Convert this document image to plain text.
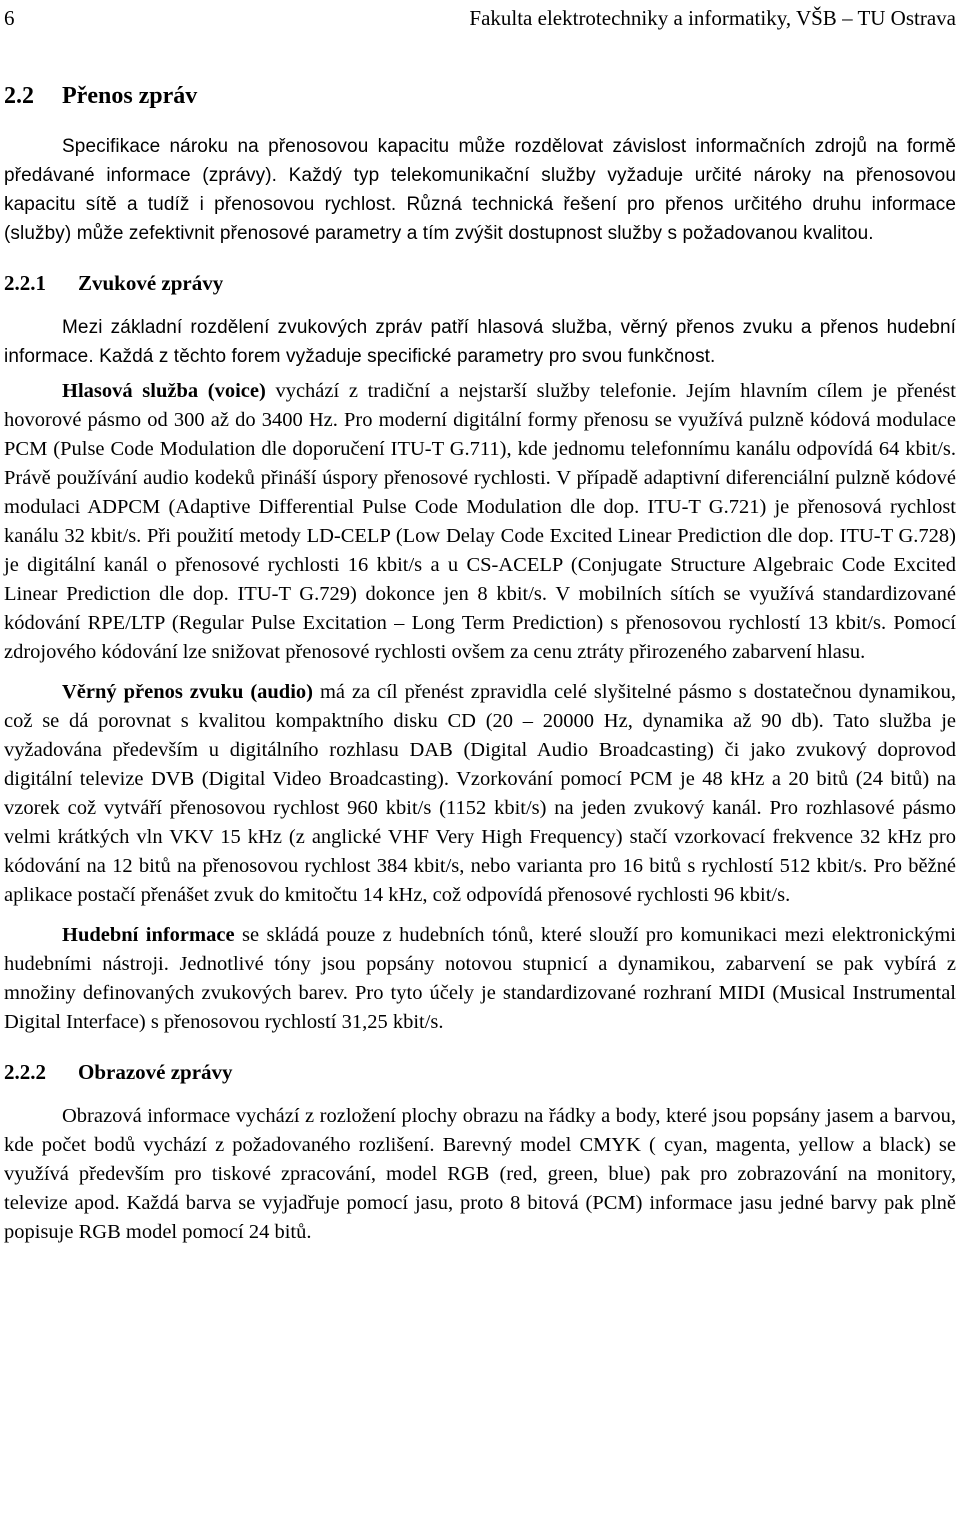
6	Fakulta elektrotechniky a informatiky, VŠB – TU Ostrava
2.2 Přenos zpráv

Specifikace nároku na přenosovou kapacitu může rozdělovat závislost informačních zdrojů na formě předávané informace (zprávy). Každý typ telekomunikační služby vyžaduje určité nároky na přenosovou kapacitu sítě a tudíž i přenosovou rychlost. Různá technická řešení pro přenos určitého druhu informace (služby) může zefektivnit přenosové parametry a tím zvýšit dostupnost služby s požadovanou kvalitou.

2.2.1 Zvukové zprávy

Mezi základní rozdělení zvukových zpráv patří hlasová služba, věrný přenos zvuku a přenos hudební informace. Každá z těchto forem vyžaduje specifické parametry pro svou funkčnost.

Hlasová služba (voice) vychází z tradiční a nejstarší služby telefonie. Jejím hlavním cílem je přenést hovorové pásmo od 300 až do 3400 Hz. Pro moderní digitální formy přenosu se využívá pulzně kódová modulace PCM (Pulse Code Modulation dle doporučení ITU-T G.711), kde jednomu telefonnímu kanálu odpovídá 64 kbit/s. Právě používání audio kodeků přináší úspory přenosové rychlosti. V případě adaptivní diferenciální pulzně kódové modulaci ADPCM (Adaptive Differential Pulse Code Modulation dle dop. ITU-T G.721) je přenosová rychlost kanálu 32 kbit/s. Při použití metody LD-CELP (Low Delay Code Excited Linear Prediction dle dop. ITU-T G.728) je digitální kanál o přenosové rychlosti 16 kbit/s a u CS-ACELP (Conjugate Structure Algebraic Code Excited Linear Prediction dle dop. ITU-T G.729) dokonce jen 8 kbit/s. V mobilních sítích se využívá standardizované kódování RPE/LTP (Regular Pulse Excitation – Long Term Prediction) s přenosovou rychlostí 13 kbit/s. Pomocí zdrojového kódování lze snižovat přenosové rychlosti ovšem za cenu ztráty přirozeného zabarvení hlasu.

Věrný přenos zvuku (audio) má za cíl přenést zpravidla celé slyšitelné pásmo s dostatečnou dynamikou, což se dá porovnat s kvalitou kompaktního disku CD (20 – 20000 Hz, dynamika až 90 db). Tato služba je vyžadována především u digitálního rozhlasu DAB (Digital Audio Broadcasting) či jako zvukový doprovod digitální televize DVB (Digital Video Broadcasting). Vzorkování pomocí PCM je 48 kHz a 20 bitů (24 bitů) na vzorek což vytváří přenosovou rychlost 960 kbit/s (1152 kbit/s) na jeden zvukový kanál. Pro rozhlasové pásmo velmi krátkých vln VKV 15 kHz (z anglické VHF Very High Frequency) stačí vzorkovací frekvence 32 kHz pro kódování na 12 bitů na přenosovou rychlost 384 kbit/s, nebo varianta pro 16 bitů s rychlostí 512 kbit/s. Pro běžné aplikace postačí přenášet zvuk do kmitočtu 14 kHz, což odpovídá přenosové rychlosti 96 kbit/s.

Hudební informace se skládá pouze z hudebních tónů, které slouží pro komunikaci mezi elektronickými hudebními nástroji. Jednotlivé tóny jsou popsány notovou stupnicí a dynamikou, zabarvení se pak vybírá z množiny definovaných zvukových barev. Pro tyto účely je standardizované rozhraní MIDI (Musical Instrumental Digital Interface) s přenosovou rychlostí 31,25 kbit/s.

2.2.2 Obrazové zprávy

Obrazová informace vychází z rozložení plochy obrazu na řádky a body, které jsou popsány jasem a barvou, kde počet bodů vychází z požadovaného rozlišení. Barevný model CMYK ( cyan, magenta, yellow a black) se využívá především pro tiskové zpracování, model RGB (red, green, blue) pak pro zobrazování na monitory, televize apod. Každá barva se vyjadřuje pomocí jasu, proto 8 bitová (PCM) informace jasu jedné barvy pak plně popisuje RGB model pomocí 24 bitů.
